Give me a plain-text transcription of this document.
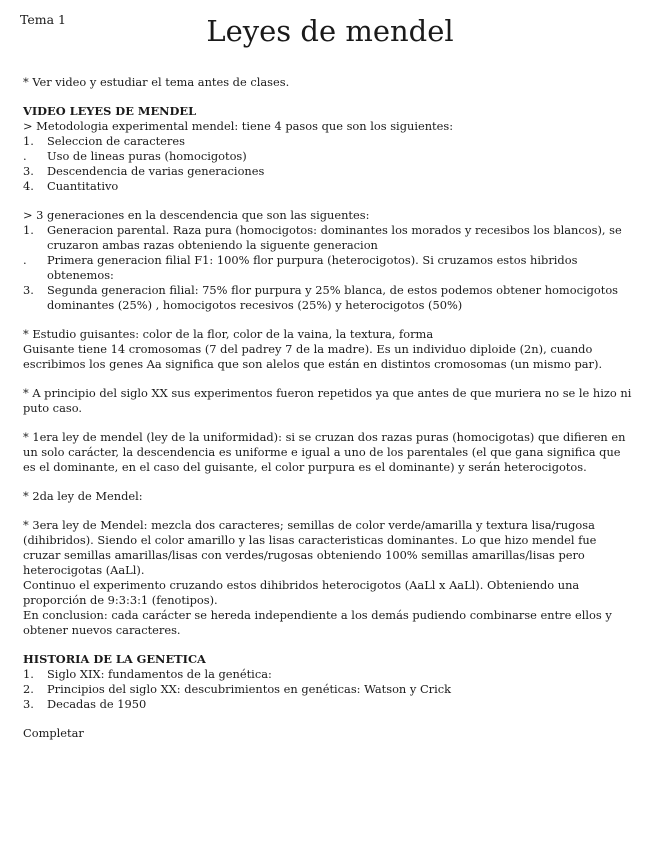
Tema 1	Leyes de mendel

* Ver video y estudiar el tema antes de clases.

VIDEO LEYES DE MENDEL

> Metodologia experimental mendel: tiene 4 pasos que son los siguientes:

1. Seleccion de caracteres
. Uso de lineas puras (homocigotos)
3. Descendencia de varias generaciones
4. Cuantitativo

> 3 generaciones en la descendencia que son las siguentes:

1. Generacion parental. Raza pura (homocigotos: dominantes los morados y recesibos los blancos), se cruzaron ambas razas obteniendo la siguente generacion
. Primera generacion filial F1: 100% flor purpura (heterocigotos). Si cruzamos estos hibridos obtenemos:
3. Segunda generacion filial: 75% flor purpura y 25% blanca, de estos podemos obtener homocigotos dominantes (25%) , homocigotos recesivos (25%) y heterocigotos (50%)

* Estudio guisantes: color de la flor, color de la vaina, la textura, forma

Guisante tiene 14 cromosomas (7 del padrey 7 de la madre). Es un individuo diploide (2n), cuando escribimos los genes Aa significa que son alelos que están en distintos cromosomas (un mismo par).

* A principio del siglo XX sus experimentos fueron repetidos ya que antes de que muriera no se le hizo ni puto caso.

* 1era ley de mendel (ley de la uniformidad): si se cruzan dos razas puras (homocigotas) que difieren en un solo carácter, la descendencia es uniforme e igual a uno de los parentales (el que gana significa que es el dominante, en el caso del guisante, el color purpura es el dominante) y serán heterocigotos.

* 2da ley de Mendel:

* 3era ley de Mendel: mezcla dos caracteres; semillas de color verde/amarilla y textura lisa/rugosa (dihibridos). Siendo el color amarillo y las lisas caracteristicas dominantes. Lo que hizo mendel fue cruzar semillas amarillas/lisas con verdes/rugosas obteniendo 100% semillas amarillas/lisas pero heterocigotas (AaLl).

Continuo el experimento cruzando estos dihibridos heterocigotos (AaLl x AaLl). Obteniendo una proporción de 9:3:3:1 (fenotipos).

En conclusion: cada carácter se hereda independiente a los demás pudiendo combinarse entre ellos y obtener nuevos caracteres.

HISTORIA DE LA GENETICA

1. Siglo XIX: fundamentos de la genética:
2. Principios del siglo XX: descubrimientos en genéticas: Watson y Crick
3. Decadas de 1950

Completar
